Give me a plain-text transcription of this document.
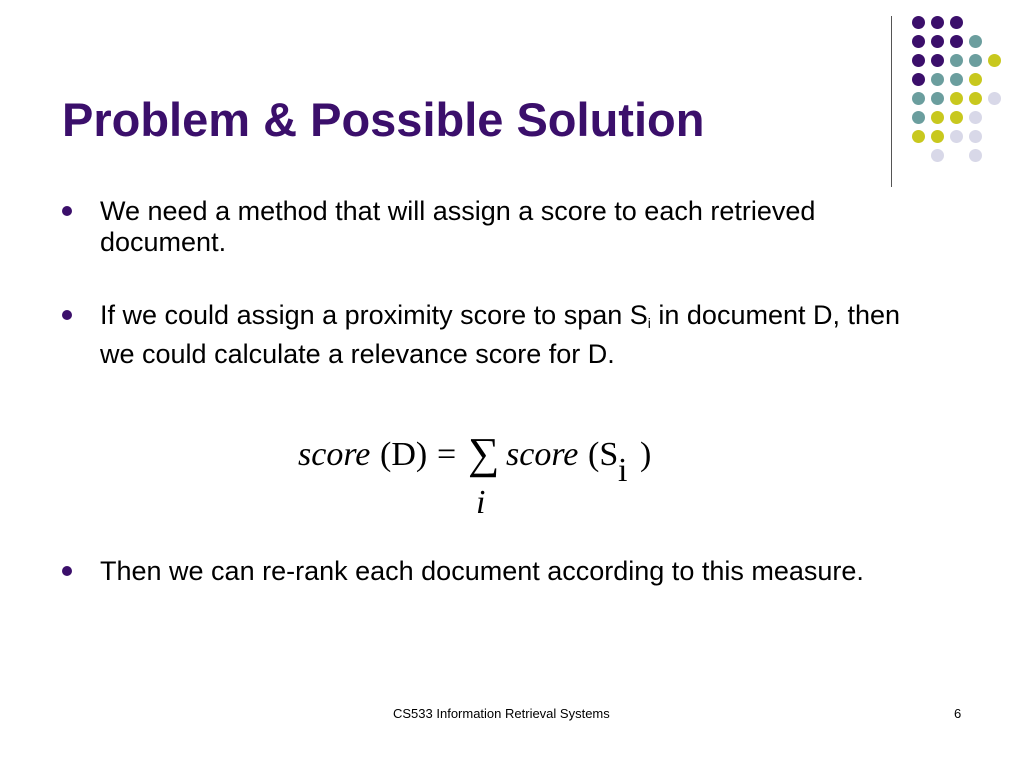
Problem & Possible Solution
We need a method that will assign a score to each retrieved document.
If we could assign a proximity score to span $S_i$ in document D, then we could calculate a relevance score for D.
Then we can re-rank each document according to this measure.
score (D) = ∑
i
score (S i )
CS533 Information Retrieval Systems	6
